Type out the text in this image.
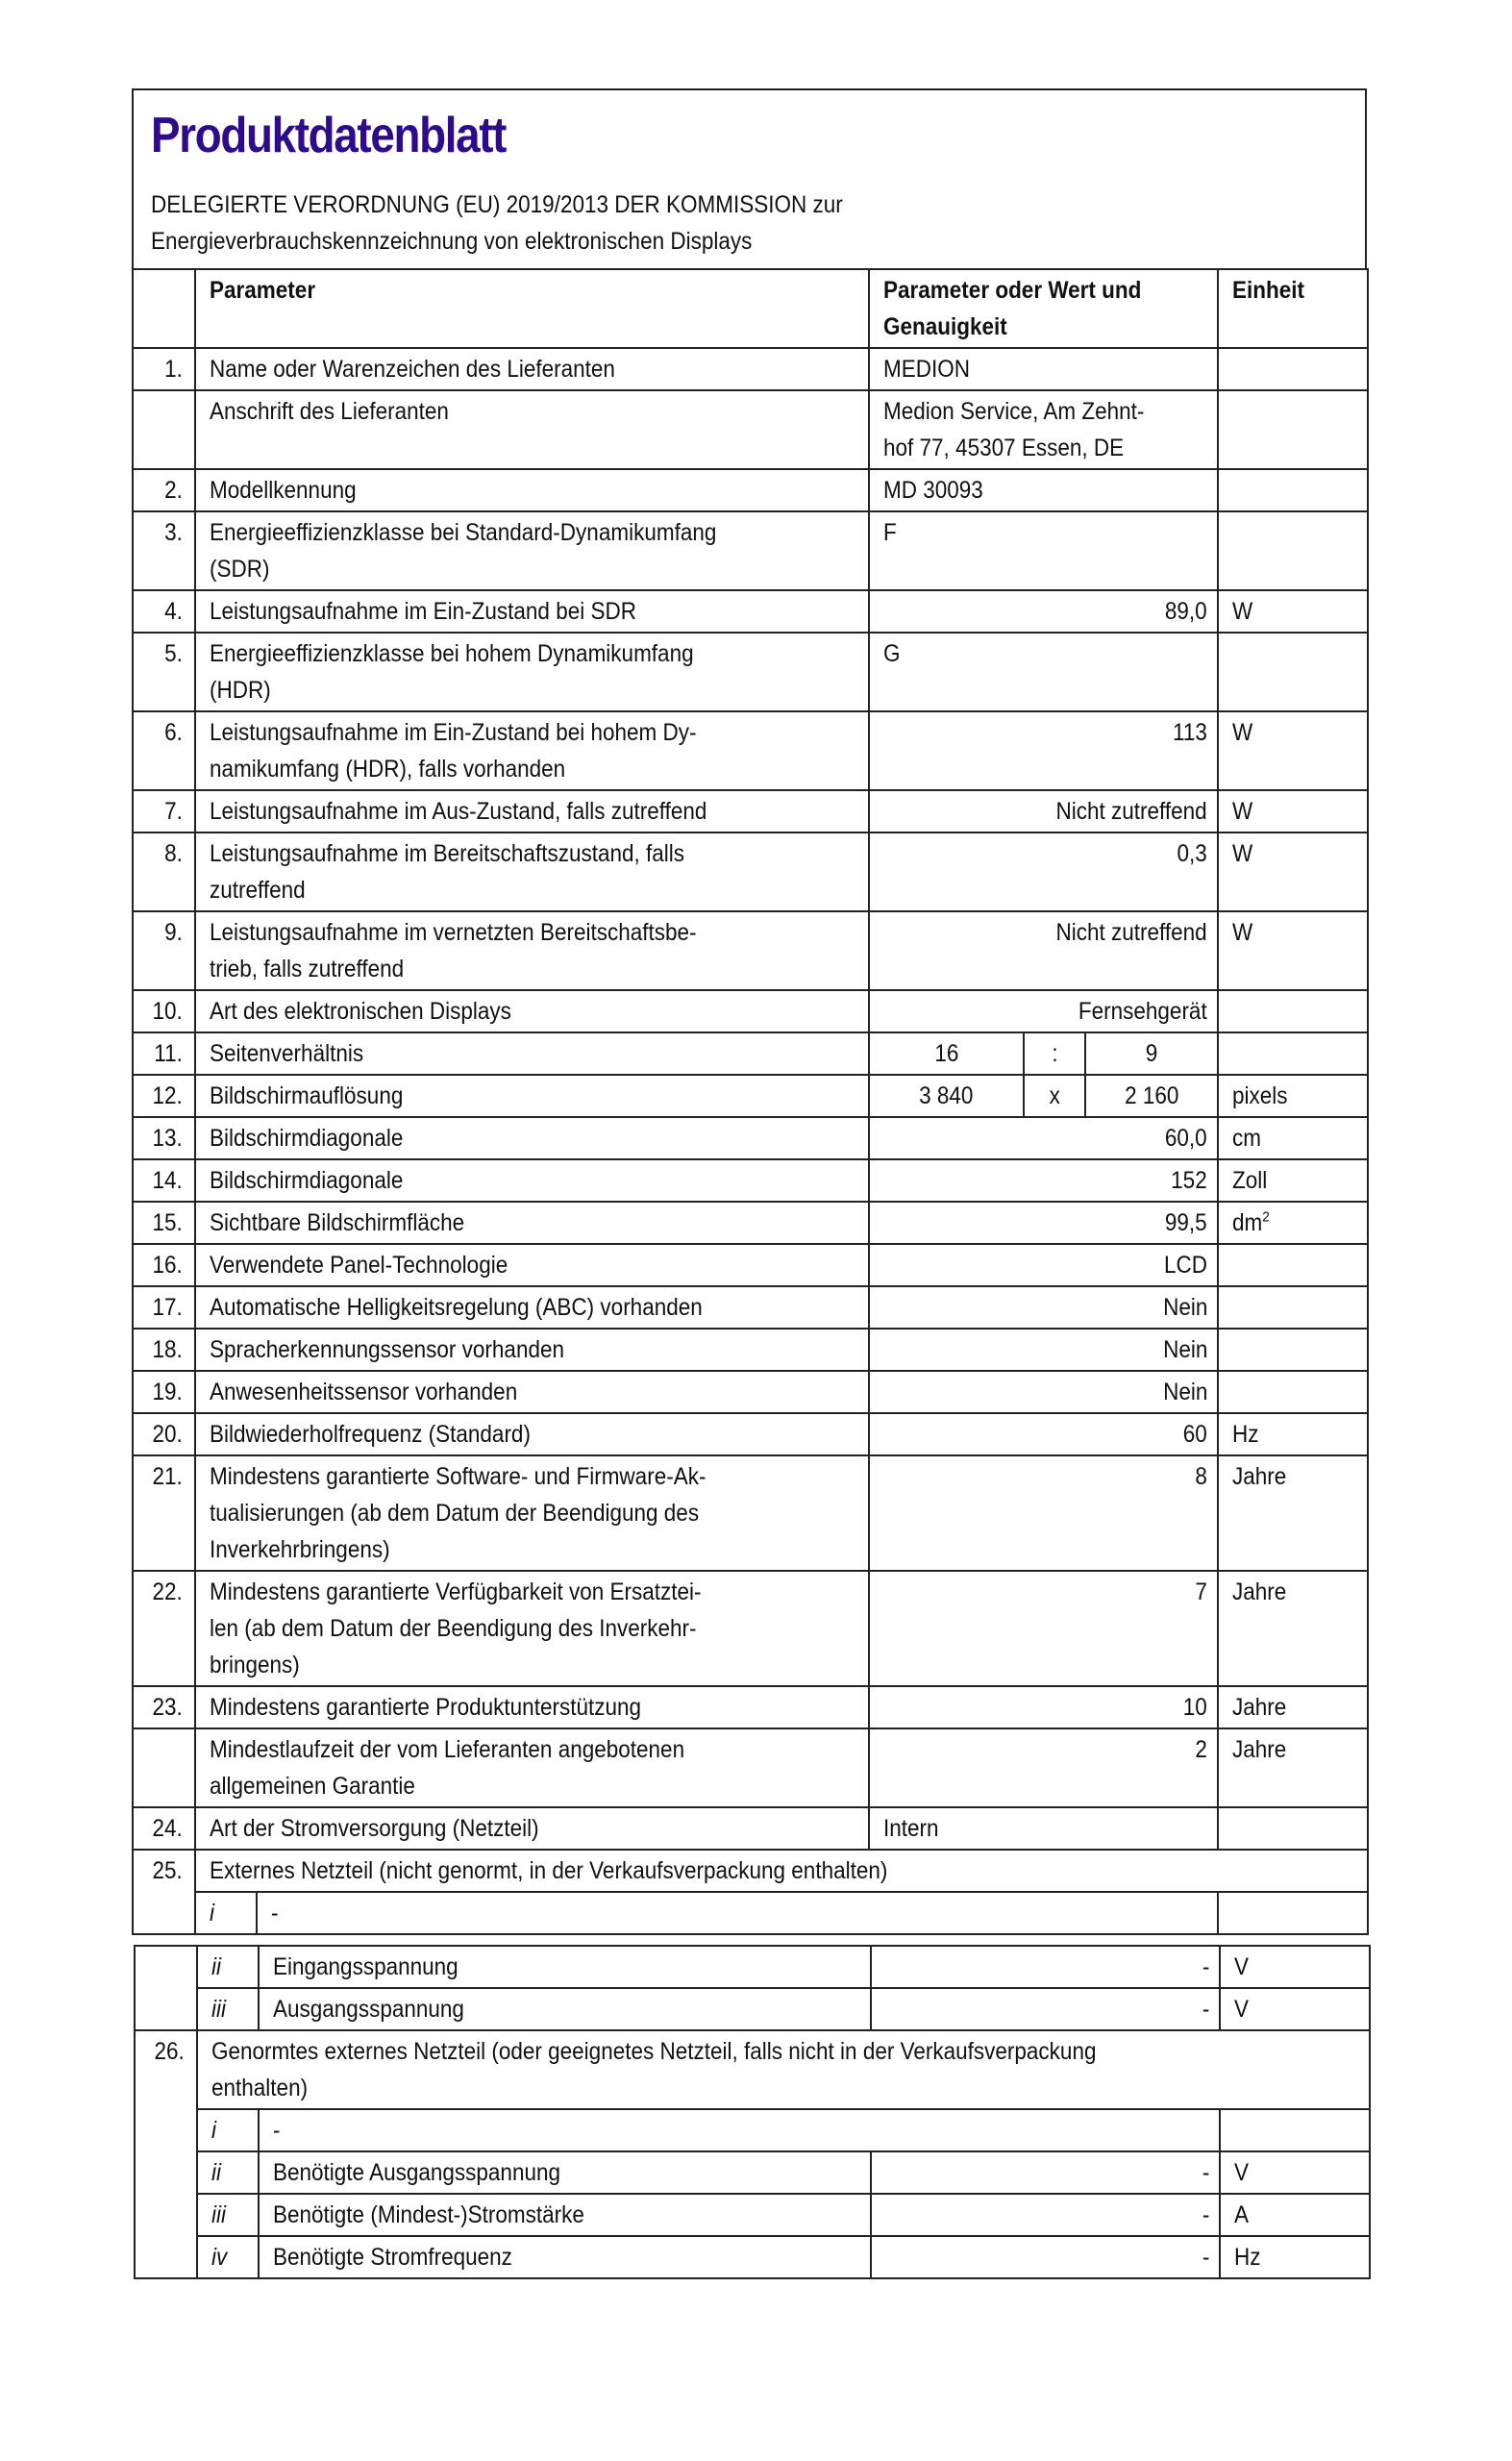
Produktdatenblatt
DELEGIERTE VERORDNUNG (EU) 2019/2013 DER KOMMISSION zur
Energieverbrauchskennzeichnung von elektronischen Displays
	Parameter		Parameter oder Wert und
Genauigkeit			Einheit
1.	Name oder Warenzeichen des Lieferanten		MEDION			
	Anschrift des Lieferanten		Medion Service, Am Zehnt-
hof 77, 45307 Essen, DE			
2.	Modellkennung		MD 30093			
3.	Energieeffizienzklasse bei Standard-Dynamikumfang
(SDR)		F			
4.	Leistungsaufnahme im Ein-Zustand bei SDR		89,0			W
5.	Energieeffizienzklasse bei hohem Dynamikumfang
(HDR)		G			
6.	Leistungsaufnahme im Ein-Zustand bei hohem Dy-
namikumfang (HDR), falls vorhanden		113			W
7.	Leistungsaufnahme im Aus-Zustand, falls zutreffend		Nicht zutreffend			W
8.	Leistungsaufnahme im Bereitschaftszustand, falls
zutreffend		0,3			W
9.	Leistungsaufnahme im vernetzten Bereitschaftsbe-
trieb, falls zutreffend		Nicht zutreffend			W
10.	Art des elektronischen Displays		Fernsehgerät			
11.	Seitenverhältnis		16	:	9	
12.	Bildschirmauflösung		3 840	x	2 160	pixels
13.	Bildschirmdiagonale		60,0			cm
14.	Bildschirmdiagonale		152			Zoll
15.	Sichtbare Bildschirmfläche		99,5			$dm^2$
16.	Verwendete Panel-Technologie		LCD			
17.	Automatische Helligkeitsregelung (ABC) vorhanden		Nein			
18.	Spracherkennungssensor vorhanden		Nein			
19.	Anwesenheitssensor vorhanden		Nein			
20.	Bildwiederholfrequenz (Standard)		60			Hz
21.	Mindestens garantierte Software- und Firmware-Ak-
tualisierungen (ab dem Datum der Beendigung des
Inverkehrbringens)		8			Jahre
22.	Mindestens garantierte Verfügbarkeit von Ersatztei-
len (ab dem Datum der Beendigung des Inverkehr-
bringens)		7			Jahre
23.	Mindestens garantierte Produktunterstützung		10			Jahre
	Mindestlaufzeit der vom Lieferanten angebotenen
allgemeinen Garantie		2			Jahre
24.	Art der Stromversorgung (Netzteil)		Intern			
25.	Externes Netzteil (nicht genormt, in der Verkaufsverpackung enthalten)					
	i	-				
	ii	Eingangsspannung	-	V
	iii	Ausgangsspannung	-	V
26.	Genormtes externes Netzteil (oder geeignetes Netzteil, falls nicht in der Verkaufsverpackung
enthalten)			
	i	-		
	ii	Benötigte Ausgangsspannung	-	V
	iii	Benötigte (Mindest-)Stromstärke	-	A
	iv	Benötigte Stromfrequenz	-	Hz
